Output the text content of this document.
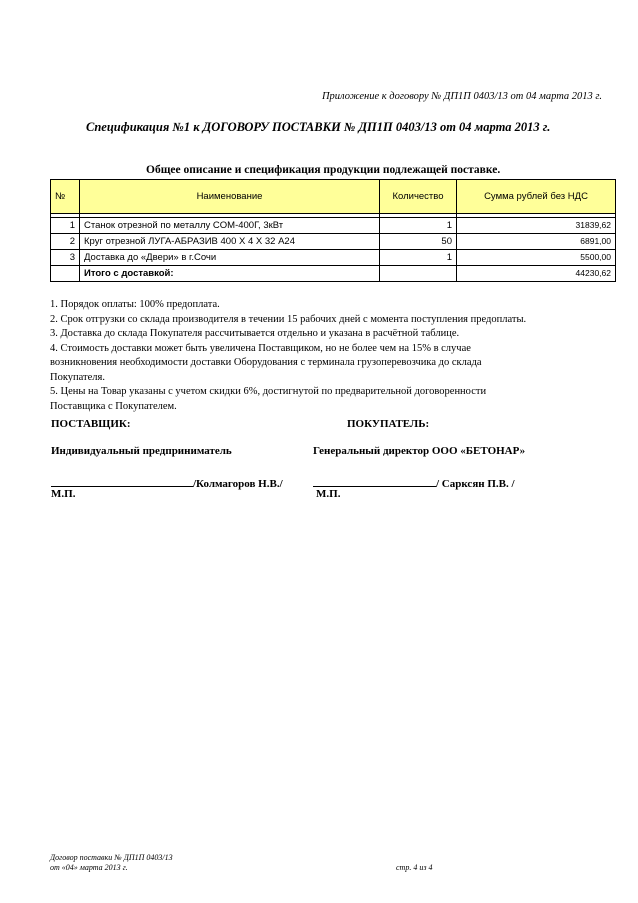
Приложение к договору № ДП1П 0403/13 от 04 марта 2013 г.
Спецификация №1 к ДОГОВОРУ ПОСТАВКИ № ДП1П 0403/13 от 04 марта 2013 г.
Общее описание и спецификация продукции подлежащей поставке.
№	Наименование	Количество	Сумма рублей без НДС

1	Станок отрезной по металлу COM-400Г, 3кВт	1	31839,62
2	Круг отрезной ЛУГА-АБРАЗИВ 400 X 4 X 32 А24	50	6891,00
3	Доставка до «Двери» в г.Сочи	1	5500,00
	Итого с доставкой:		44230,62
1. Порядок оплаты: 100% предоплата.
2. Срок отгрузки со склада производителя в течении 15 рабочих дней с момента поступления предоплаты.
3. Доставка до склада Покупателя рассчитывается отдельно и указана в расчётной таблице.
4. Стоимость доставки может быть увеличена Поставщиком, но не более чем на 15% в случае
возникновения необходимости доставки Оборудования с терминала грузоперевозчика до склада
Покупателя.
5. Цены на Товар указаны с учетом скидки 6%, достигнутой по предварительной договоренности
Поставщика с Покупателем.
ПОСТАВЩИК:	ПОКУПАТЕЛЬ:
Индивидуальный предприниматель	Генеральный директор ООО «БЕТОНАР»
/Колмагоров Н.В./	/ Сарксян П.В. /
М.П.	М.П.
Договор поставки № ДП1П 0403/13
от «04» марта 2013 г.	стр. 4 из 4
